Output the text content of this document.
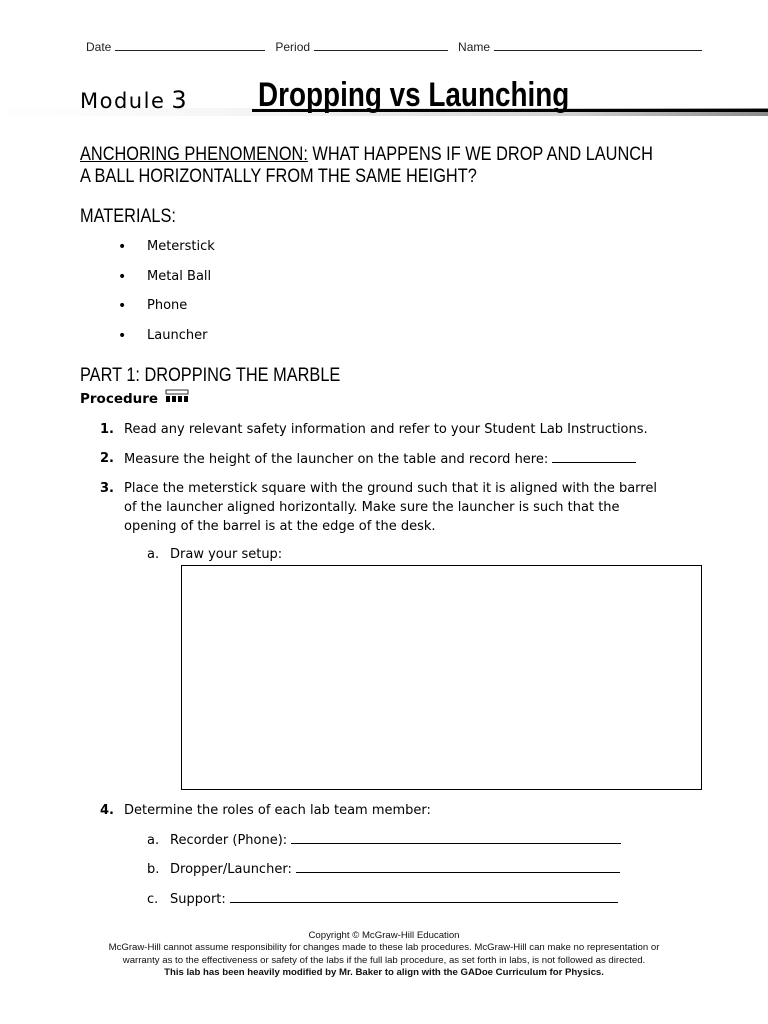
Date	Period	Name
Module 3 Dropping vs Launching
ANCHORING PHENOMENON: WHAT HAPPENS IF WE DROP AND LAUNCH
A BALL HORIZONTALLY FROM THE SAME HEIGHT?
MATERIALS:
•	Meterstick
•	Metal Ball
•	Phone
•	Launcher
PART 1: DROPPING THE MARBLE
Procedure
1. Read any relevant safety information and refer to your Student Lab Instructions.
2. Measure the height of the launcher on the table and record here:
3. Place the meterstick square with the ground such that it is aligned with the barrel of the launcher aligned horizontally. Make sure the launcher is such that the opening of the barrel is at the edge of the desk.
a. Draw your setup:
4. Determine the roles of each lab team member:
a. Recorder (Phone):
b. Dropper/Launcher:
c. Support:
Copyright © McGraw-Hill Education
McGraw-Hill cannot assume responsibility for changes made to these lab procedures. McGraw-Hill can make no representation or
warranty as to the effectiveness or safety of the labs if the full lab procedure, as set forth in labs, is not followed as directed.
This lab has been heavily modified by Mr. Baker to align with the GADoe Curriculum for Physics.
